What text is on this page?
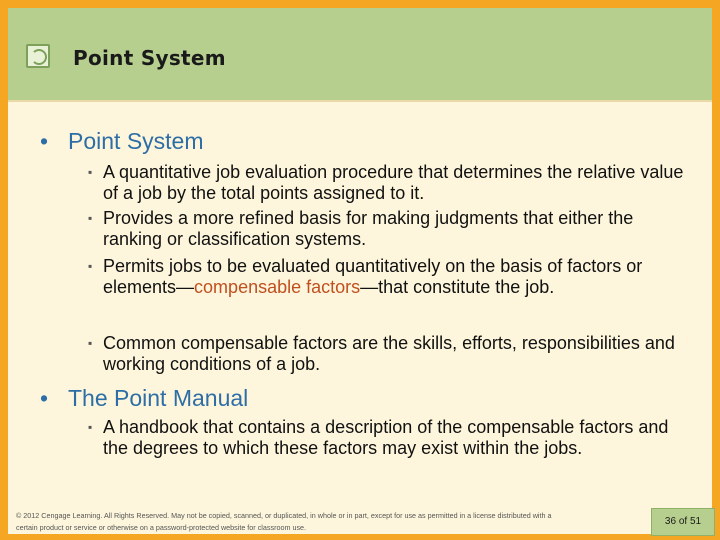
Point System
• Point System
▪ A quantitative job evaluation procedure that determines the relative value of a job by the total points assigned to it.
▪ Provides a more refined basis for making judgments that either the ranking or classification systems.
▪ Permits jobs to be evaluated quantitatively on the basis of factors or elements—compensable factors—that constitute the job.
▪ Common compensable factors are the skills, efforts, responsibilities and working conditions of a job.
• The Point Manual
▪ A handbook that contains a description of the compensable factors and the degrees to which these factors may exist within the jobs.
© 2012 Cengage Learning. All Rights Reserved. May not be copied, scanned, or duplicated, in whole or in part, except for use as permitted in a license distributed with a certain product or service or otherwise on a password-protected website for classroom use.
36 of 51
